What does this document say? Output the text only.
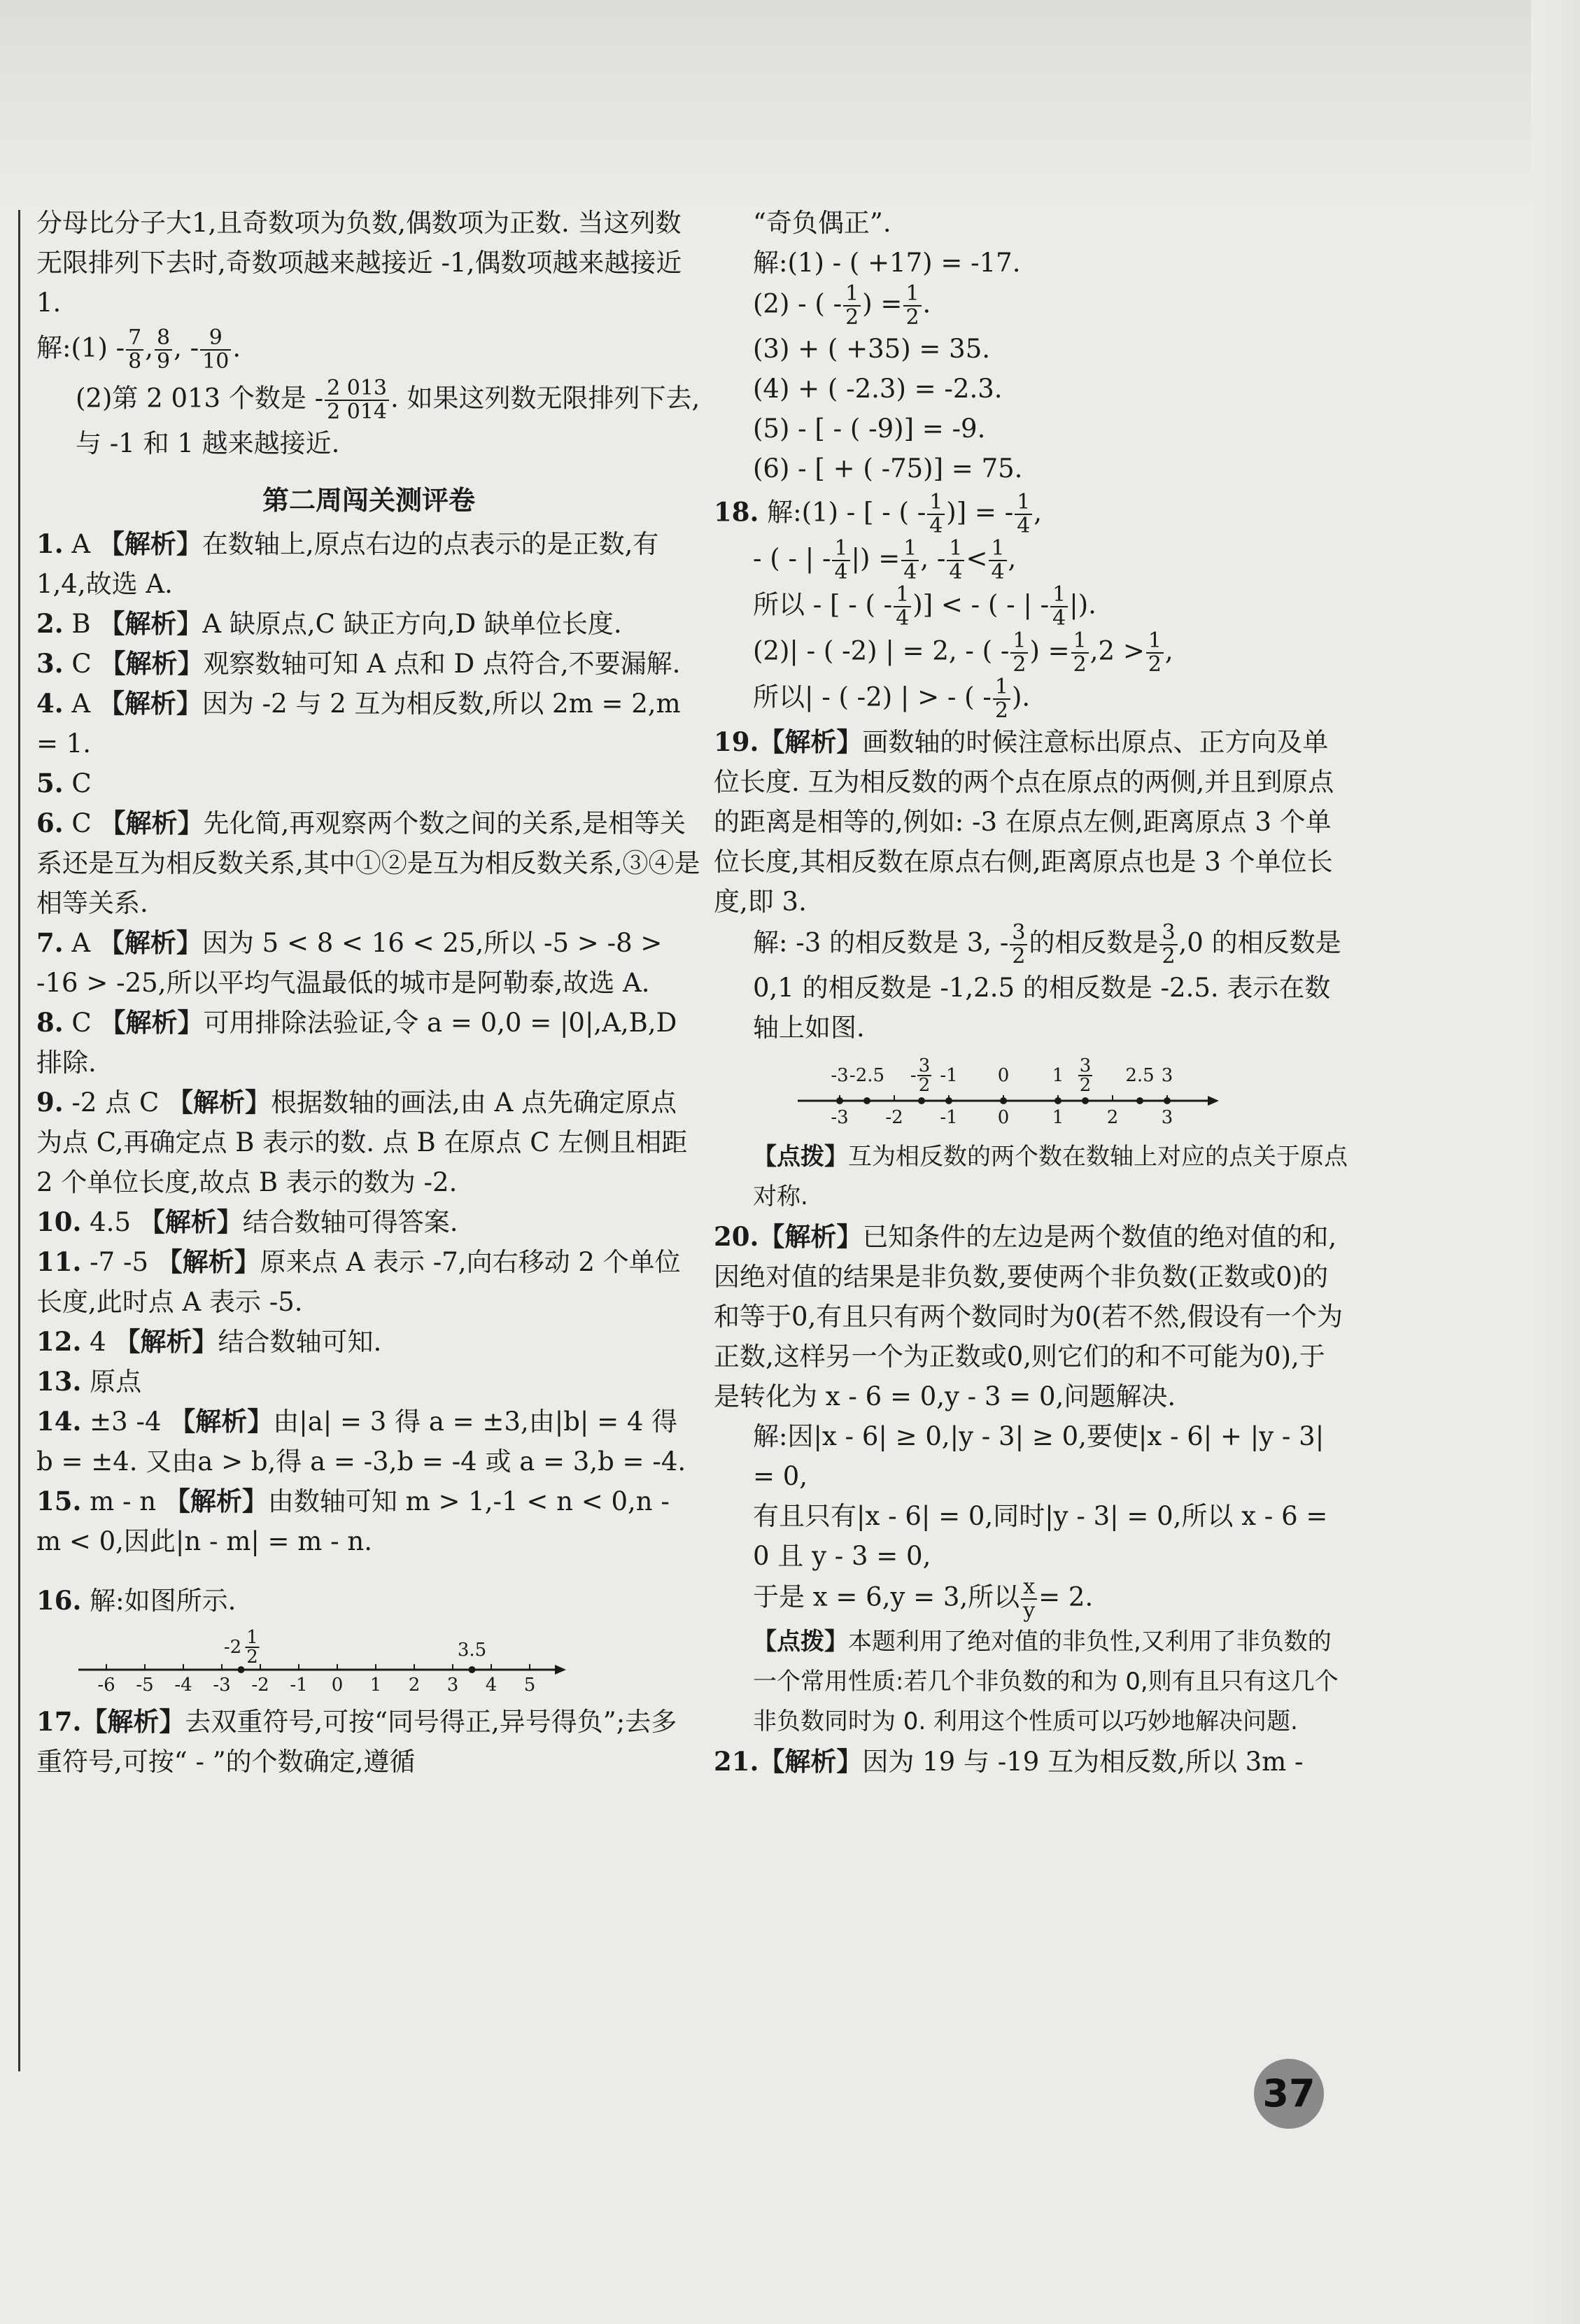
分母比分子大1,且奇数项为负数,偶数项为正数. 当这列数无限排列下去时,奇数项越来越接近 -1,偶数项越来越接近1.

解:(1) - $\frac{7}{8}$ , $\frac{8}{9}$ , - $\frac{9}{10}$ .

(2)第 2 013 个数是 - $\frac{2 013}{2 014}$ . 如果这列数无限排列下去,与 -1 和 1 越来越接近.

第二周闯关测评卷

1. A 【解析】在数轴上,原点右边的点表示的是正数,有1,4,故选 A.

2. B 【解析】A 缺原点,C 缺正方向,D 缺单位长度.

3. C 【解析】观察数轴可知 A 点和 D 点符合,不要漏解.

4. A 【解析】因为 -2 与 2 互为相反数,所以 2m = 2,m = 1.

5. C

6. C 【解析】先化简,再观察两个数之间的关系,是相等关系还是互为相反数关系,其中①②是互为相反数关系,③④是相等关系.

7. A 【解析】因为 5 < 8 < 16 < 25,所以 -5 > -8 > -16 > -25,所以平均气温最低的城市是阿勒泰,故选 A.

8. C 【解析】可用排除法验证,令 a = 0,0 = |0|,A,B,D 排除.

9. -2 点 C 【解析】根据数轴的画法,由 A 点先确定原点为点 C,再确定点 B 表示的数. 点 B 在原点 C 左侧且相距 2 个单位长度,故点 B 表示的数为 -2.

10. 4.5 【解析】结合数轴可得答案.

11. -7 -5 【解析】原来点 A 表示 -7,向右移动 2 个单位长度,此时点 A 表示 -5.

12. 4 【解析】结合数轴可知.

13. 原点

14. ±3 -4 【解析】由|a| = 3 得 a = ±3,由|b| = 4 得 b = ±4. 又由a > b,得 a = -3,b = -4 或 a = 3,b = -4.

15. m - n 【解析】由数轴可知 m > 1,-1 < n < 0,n - m < 0,因此|n - m| = m - n.

16. 解:如图所示.

-6 -5 -4 -3 -2 -1 0 1 2 3 4 5
-2 1
2	3.5

17.【解析】去双重符号,可按“同号得正,异号得负”;去多重符号,可按“ - ”的个数确定,遵循

“奇负偶正”.

解:(1) - ( +17) = -17.

(2) - ( - $\frac{1}{2}$ ) = $\frac{1}{2}$ .

(3) + ( +35) = 35.

(4) + ( -2.3) = -2.3.

(5) - [ - ( -9)] = -9.

(6) - [ + ( -75)] = 75.

18. 解:(1) - [ - ( - $\frac{1}{4}$ )] = - $\frac{1}{4}$ ,

- ( - | - $\frac{1}{4}$ |) = $\frac{1}{4}$ , - $\frac{1}{4} < \frac{1}{4}$ ,

所以 - [ - ( - $\frac{1}{4}$ )] < - ( - | - $\frac{1}{4}$ |).

(2)| - ( -2) | = 2, - ( - $\frac{1}{2}$ ) = $\frac{1}{2} ,2 > \frac{1}{2}$ ,

所以| - ( -2) | > - ( - $\frac{1}{2}$ ).

19.【解析】画数轴的时候注意标出原点、正方向及单位长度. 互为相反数的两个点在原点的两侧,并且到原点的距离是相等的,例如: -3 在原点左侧,距离原点 3 个单位长度,其相反数在原点右侧,距离原点也是 3 个单位长度,即 3.

解: -3 的相反数是 3, - $\frac{3}{2}$ 的相反数是 $\frac{3}{2} ,0$ 的相反数是 0,1 的相反数是 -1,2.5 的相反数是 -2.5. 表示在数轴上如图.

-3 -2 -1 0 1 2 3
-3 -2.5 - -1 0 1	2.5 3
3
2
3
2

【点拨】互为相反数的两个数在数轴上对应的点关于原点对称.

20.【解析】已知条件的左边是两个数值的绝对值的和,因绝对值的结果是非负数,要使两个非负数(正数或0)的和等于0,有且只有两个数同时为0(若不然,假设有一个为正数,这样另一个为正数或0,则它们的和不可能为0),于是转化为 x - 6 = 0,y - 3 = 0,问题解决.

解:因|x - 6| ≥ 0,|y - 3| ≥ 0,要使|x - 6| + |y - 3| = 0,

有且只有|x - 6| = 0,同时|y - 3| = 0,所以 x - 6 = 0 且 y - 3 = 0,

于是 x = 6,y = 3,所以 $\frac{x}{y} = 2$.

【点拨】本题利用了绝对值的非负性,又利用了非负数的一个常用性质:若几个非负数的和为 0,则有且只有这几个非负数同时为 0. 利用这个性质可以巧妙地解决问题.

21.【解析】因为 19 与 -19 互为相反数,所以 3m -

37
